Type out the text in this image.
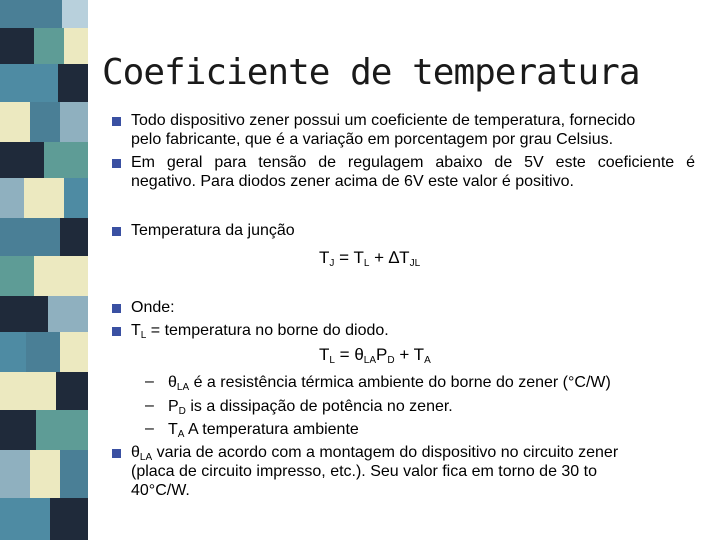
Coeficiente de temperatura
Todo dispositivo zener possui um coeficiente de temperatura, fornecido
pelo fabricante, que é a variação em porcentagem por grau Celsius.
Em geral para tensão de regulagem abaixo de 5V este coeficiente é
negativo. Para diodos zener acima de 6V este valor é positivo.
Temperatura da junção
$T_J = T_L + \Delta T_{JL}$
Onde:
$T_L$ = temperatura no borne do diodo.
$T_L = \theta_{LA}P_D + T_A$
– $\theta_{LA}$ é a resistência térmica ambiente do borne do zener (°C/W)
– $P_D$ is a dissipação de potência no zener.
– $T_A$ A temperatura ambiente
$\theta_{LA}$ varia de acordo com a montagem do dispositivo no circuito zener
(placa de circuito impresso, etc.). Seu valor fica em torno de 30 to
40°C/W.
